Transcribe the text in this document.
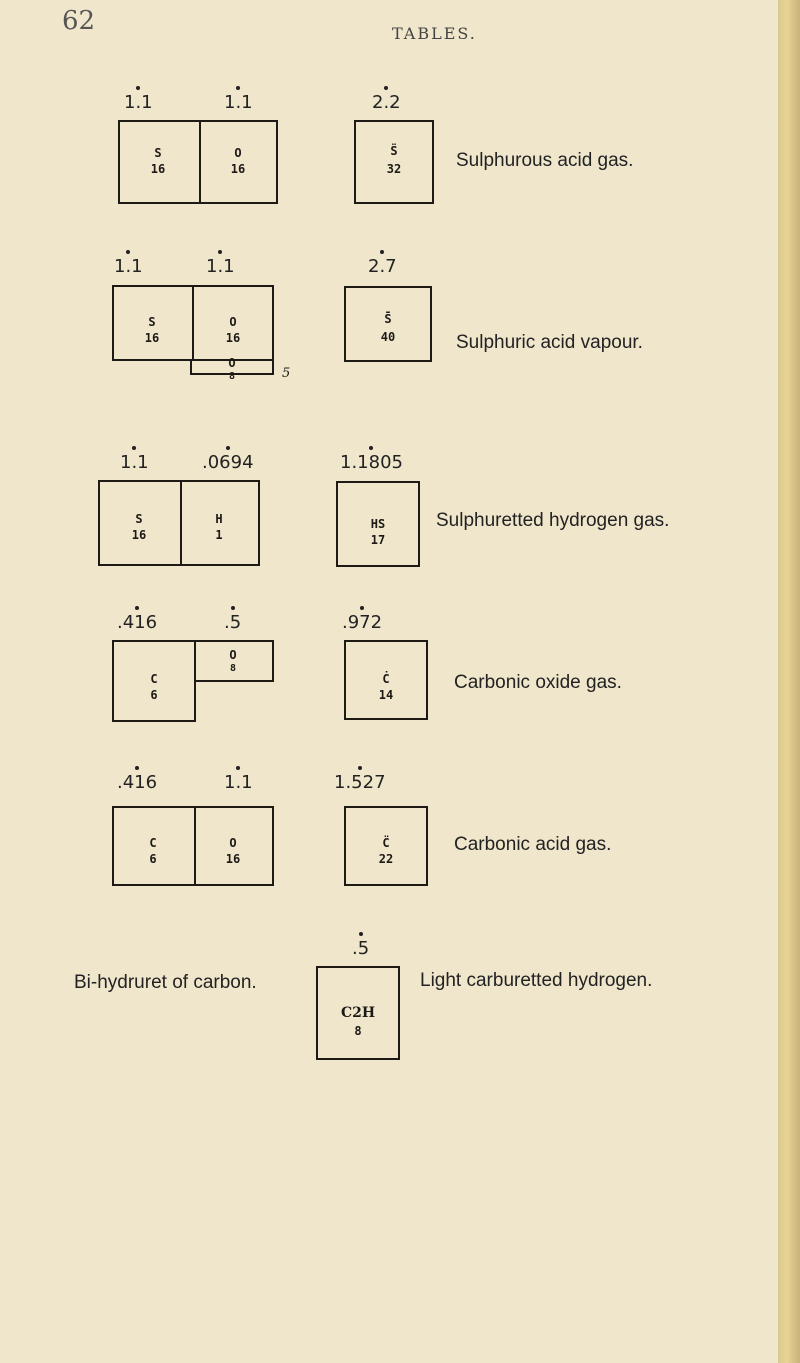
62	TABLES.
1.1	1.1	2.2
S
16
O
16
S̈
32	Sulphurous acid gas.
1.1	1.1	2.7
S
16
O
16
O
8	5
S̈̇
40	Sulphuric acid vapour.
1.1	.0694	1.1805
S
16
H
1
HS
17
Sulphuretted hydrogen gas.
.416	.5	.972
C
6
O
8
Ċ
14
Carbonic oxide gas.
.416	1.1	1.527
C
6
O
16
C̈
22
Carbonic acid gas.
.5
Bi-hydruret of carbon.
C2H
8
Light carburetted hydrogen.
